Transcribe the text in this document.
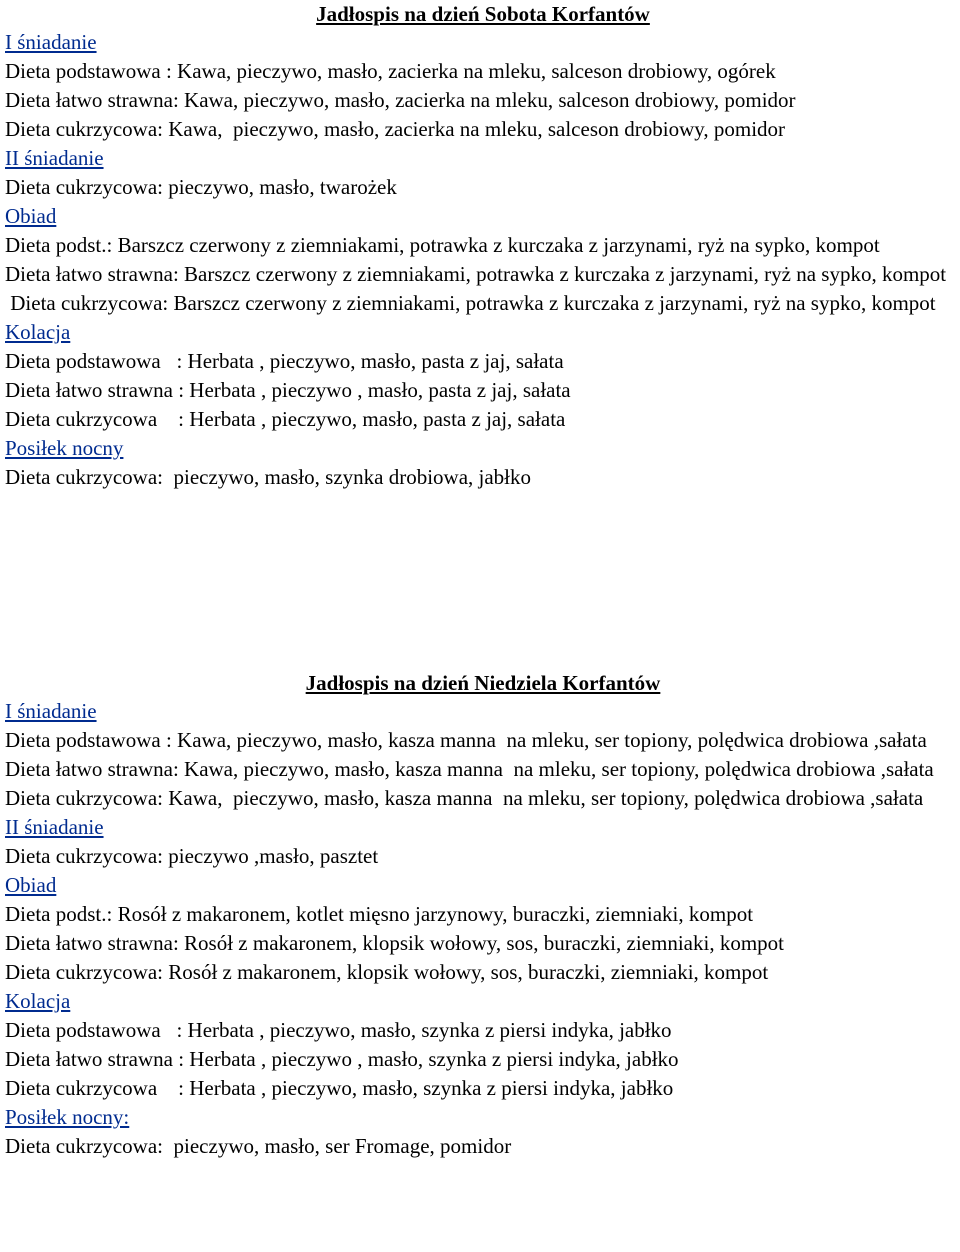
Jadłospis na dzień Sobota Korfantów

I śniadanie

Dieta podstawowa : Kawa, pieczywo, masło, zacierka na mleku, salceson drobiowy, ogórek

Dieta łatwo strawna: Kawa, pieczywo, masło, zacierka na mleku, salceson drobiowy, pomidor

Dieta cukrzycowa: Kawa,  pieczywo, masło, zacierka na mleku, salceson drobiowy, pomidor

II śniadanie

Dieta cukrzycowa: pieczywo, masło, twarożek

Obiad

Dieta podst.: Barszcz czerwony z ziemniakami, potrawka z kurczaka z jarzynami, ryż na sypko, kompot

Dieta łatwo strawna: Barszcz czerwony z ziemniakami, potrawka z kurczaka z jarzynami, ryż na sypko, kompot

Dieta cukrzycowa: Barszcz czerwony z ziemniakami, potrawka z kurczaka z jarzynami, ryż na sypko, kompot

Kolacja

Dieta podstawowa   : Herbata , pieczywo, masło, pasta z jaj, sałata

Dieta łatwo strawna : Herbata , pieczywo , masło, pasta z jaj, sałata

Dieta cukrzycowa    : Herbata , pieczywo, masło, pasta z jaj, sałata

Posiłek nocny

Dieta cukrzycowa:  pieczywo, masło, szynka drobiowa, jabłko

Jadłospis na dzień Niedziela Korfantów

I śniadanie

Dieta podstawowa : Kawa, pieczywo, masło, kasza manna  na mleku, ser topiony, polędwica drobiowa ,sałata

Dieta łatwo strawna: Kawa, pieczywo, masło, kasza manna  na mleku, ser topiony, polędwica drobiowa ,sałata

Dieta cukrzycowa: Kawa,  pieczywo, masło, kasza manna  na mleku, ser topiony, polędwica drobiowa ,sałata

II śniadanie

Dieta cukrzycowa: pieczywo ,masło, pasztet

Obiad

Dieta podst.: Rosół z makaronem, kotlet mięsno jarzynowy, buraczki, ziemniaki, kompot

Dieta łatwo strawna: Rosół z makaronem, klopsik wołowy, sos, buraczki, ziemniaki, kompot

Dieta cukrzycowa: Rosół z makaronem, klopsik wołowy, sos, buraczki, ziemniaki, kompot

Kolacja

Dieta podstawowa   : Herbata , pieczywo, masło, szynka z piersi indyka, jabłko

Dieta łatwo strawna : Herbata , pieczywo , masło, szynka z piersi indyka, jabłko

Dieta cukrzycowa    : Herbata , pieczywo, masło, szynka z piersi indyka, jabłko

Posiłek nocny:

Dieta cukrzycowa:  pieczywo, masło, ser Fromage, pomidor
